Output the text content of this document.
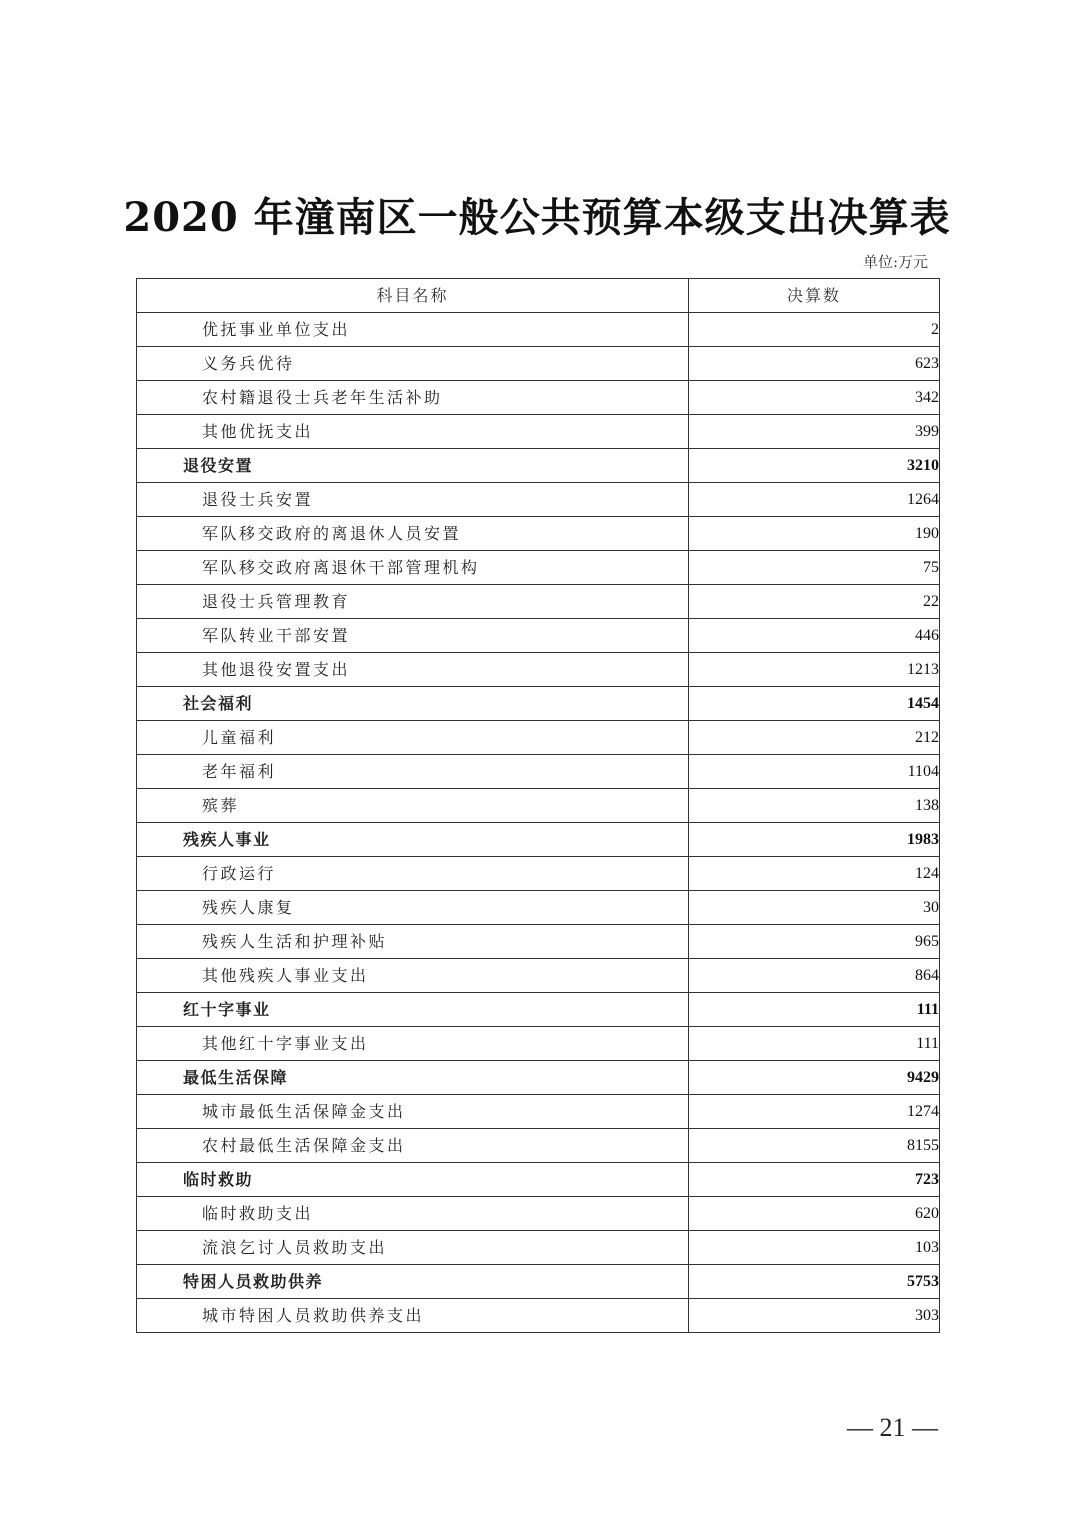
2020 年潼南区一般公共预算本级支出决算表
单位:万元
科目名称	决算数
优抚事业单位支出	2
义务兵优待	623
农村籍退役士兵老年生活补助	342
其他优抚支出	399
退役安置	3210
退役士兵安置	1264
军队移交政府的离退休人员安置	190
军队移交政府离退休干部管理机构	75
退役士兵管理教育	22
军队转业干部安置	446
其他退役安置支出	1213
社会福利	1454
儿童福利	212
老年福利	1104
殡葬	138
残疾人事业	1983
行政运行	124
残疾人康复	30
残疾人生活和护理补贴	965
其他残疾人事业支出	864
红十字事业	111
其他红十字事业支出	111
最低生活保障	9429
城市最低生活保障金支出	1274
农村最低生活保障金支出	8155
临时救助	723
临时救助支出	620
流浪乞讨人员救助支出	103
特困人员救助供养	5753
城市特困人员救助供养支出	303
— 21 —
